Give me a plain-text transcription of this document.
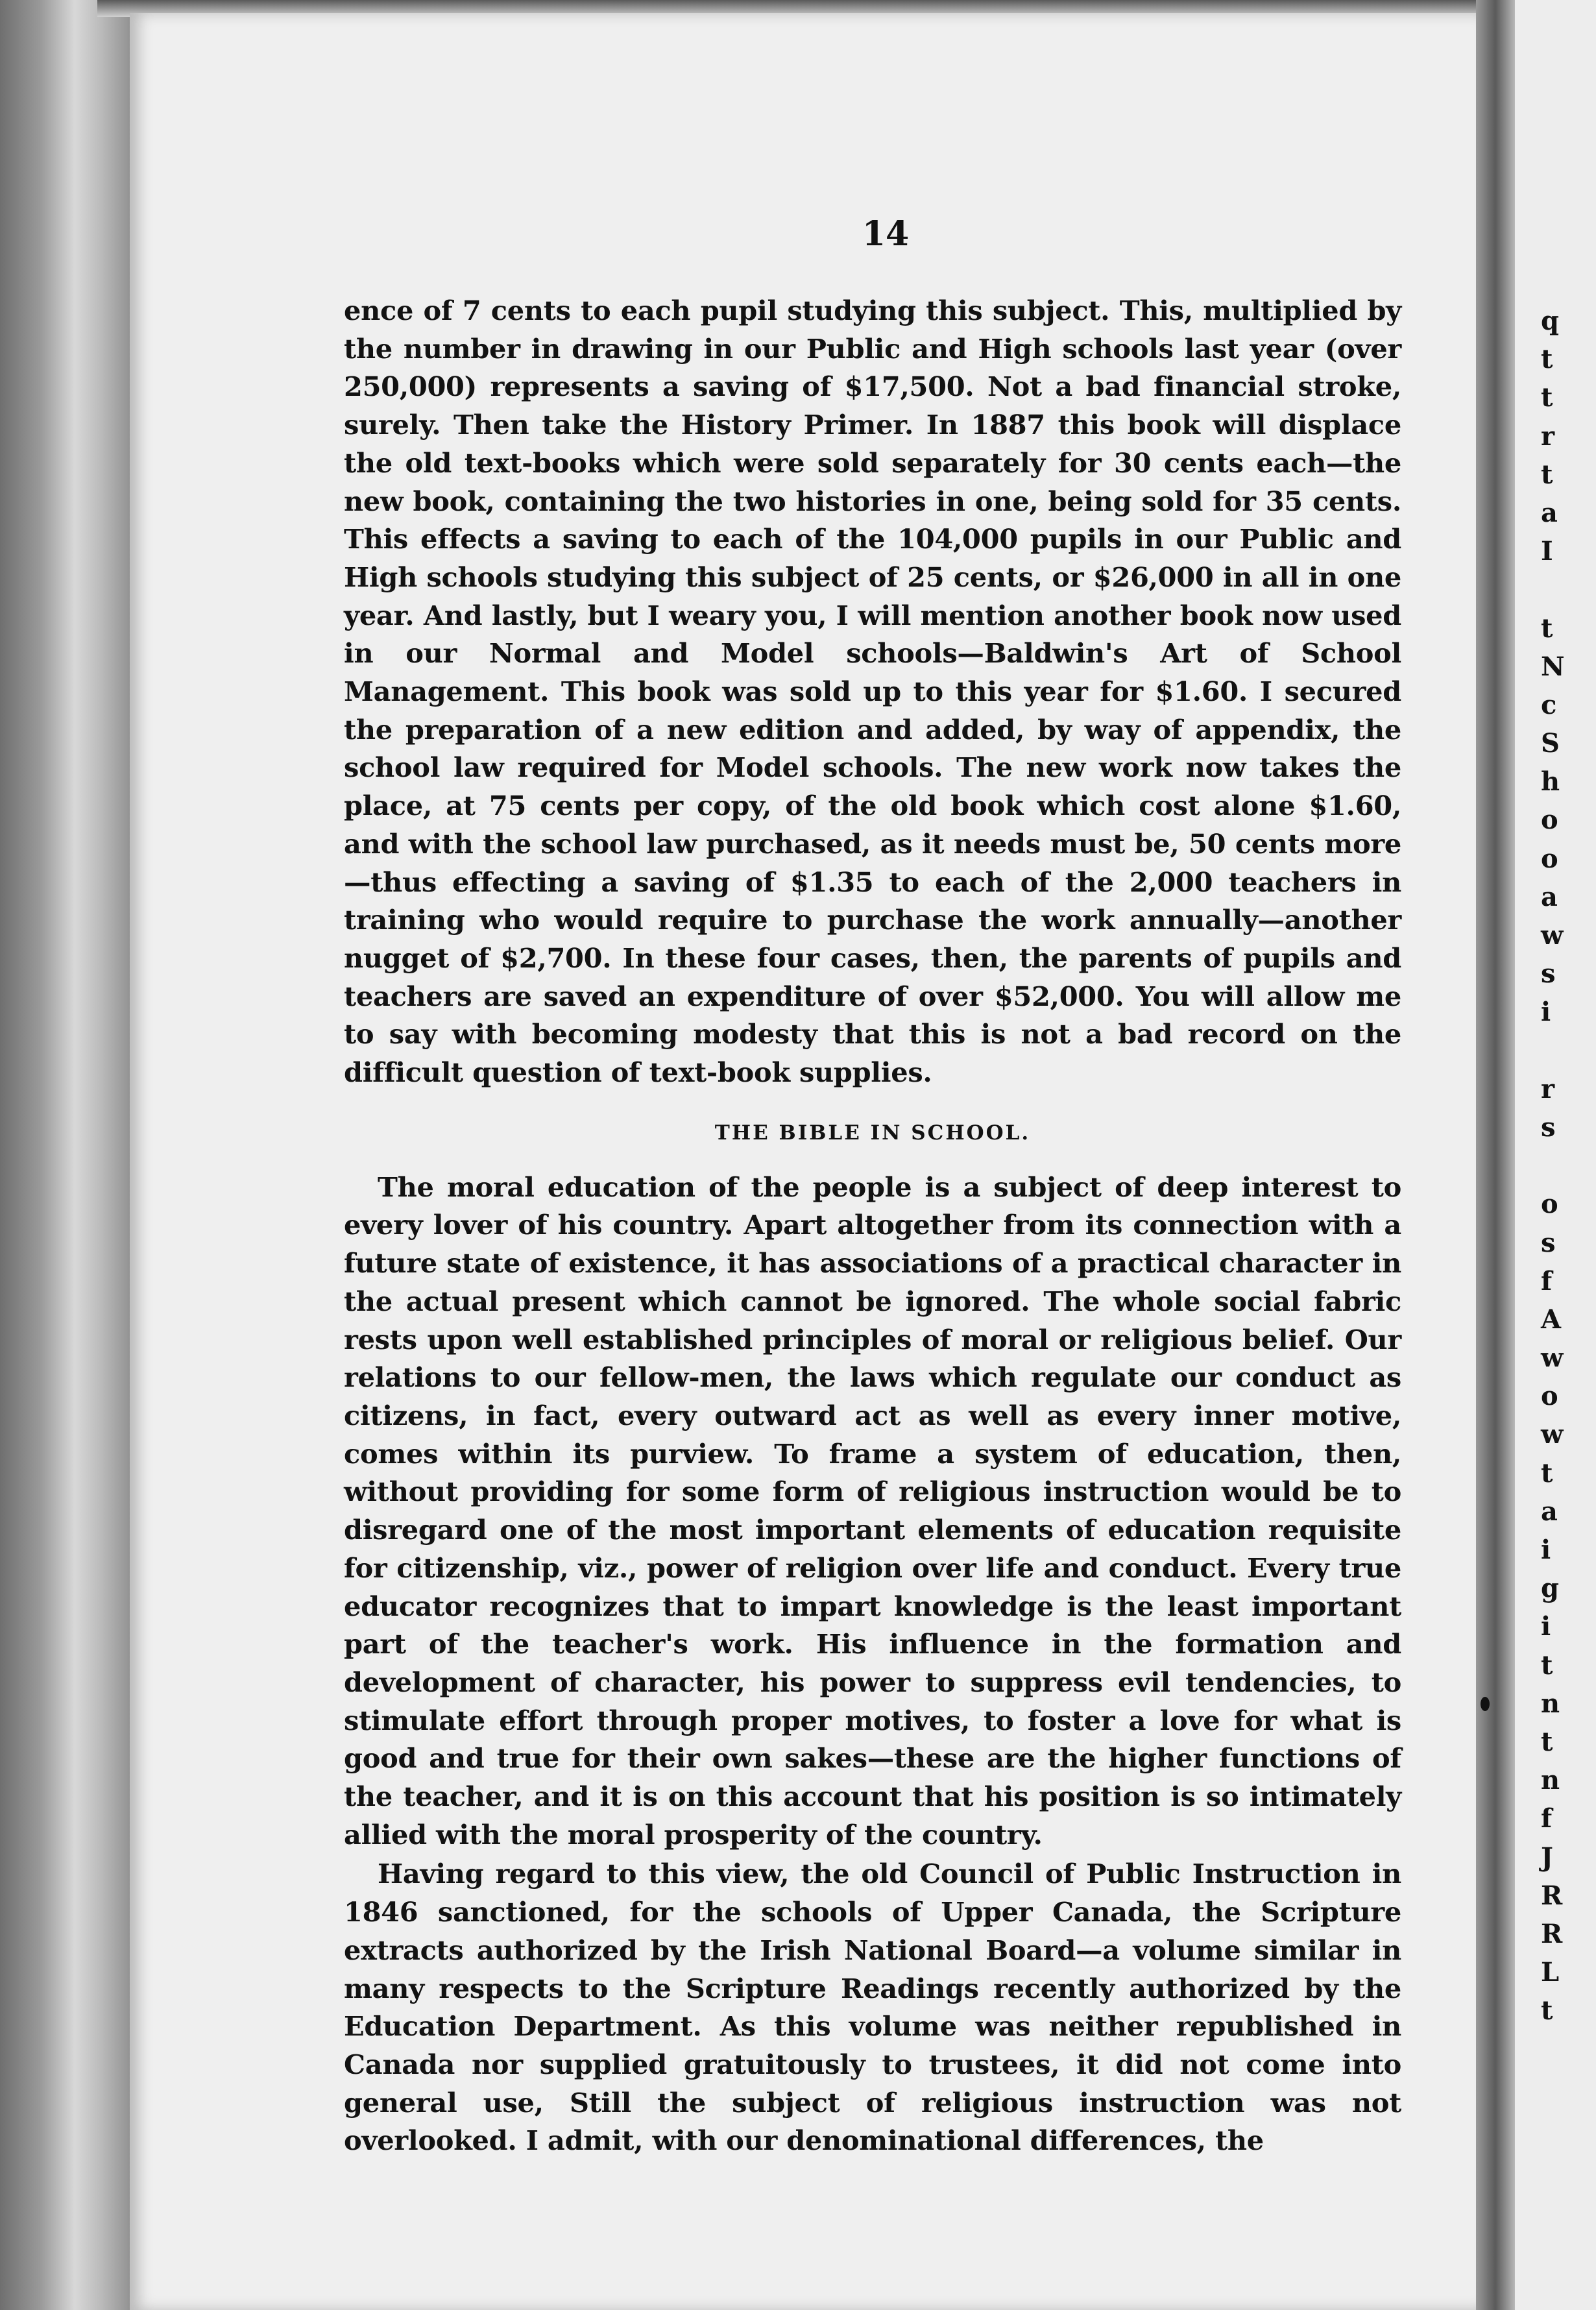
14

ence of 7 cents to each pupil studying this subject. This, multiplied by the number in drawing in our Public and High schools last year (over 250,000) represents a saving of $17,500. Not a bad financial stroke, surely. Then take the History Primer. In 1887 this book will displace the old text-books which were sold separately for 30 cents each—the new book, containing the two histories in one, being sold for 35 cents. This effects a saving to each of the 104,000 pupils in our Public and High schools studying this subject of 25 cents, or $26,000 in all in one year. And lastly, but I weary you, I will mention another book now used in our Normal and Model schools—Baldwin's Art of School Management. This book was sold up to this year for $1.60. I secured the preparation of a new edition and added, by way of appendix, the school law required for Model schools. The new work now takes the place, at 75 cents per copy, of the old book which cost alone $1.60, and with the school law purchased, as it needs must be, 50 cents more—thus effecting a saving of $1.35 to each of the 2,000 teachers in training who would require to purchase the work annually—another nugget of $2,700. In these four cases, then, the parents of pupils and teachers are saved an expenditure of over $52,000. You will allow me to say with becoming modesty that this is not a bad record on the difficult question of text-book supplies.

THE BIBLE IN SCHOOL.

The moral education of the people is a subject of deep interest to every lover of his country. Apart altogether from its connection with a future state of existence, it has associations of a practical character in the actual present which cannot be ignored. The whole social fabric rests upon well established principles of moral or religious belief. Our relations to our fellow-men, the laws which regulate our conduct as citizens, in fact, every outward act as well as every inner motive, comes within its purview. To frame a system of education, then, without providing for some form of religious instruction would be to disregard one of the most important elements of education requisite for citizenship, viz., power of religion over life and conduct. Every true educator recognizes that to impart knowledge is the least important part of the teacher's work. His influence in the formation and development of character, his power to suppress evil tendencies, to stimulate effort through proper motives, to foster a love for what is good and true for their own sakes—these are the higher functions of the teacher, and it is on this account that his position is so intimately allied with the moral prosperity of the country.

Having regard to this view, the old Council of Public Instruction in 1846 sanctioned, for the schools of Upper Canada, the Scripture extracts authorized by the Irish National Board—a volume similar in many respects to the Scripture Readings recently authorized by the Education Department. As this volume was neither republished in Canada nor supplied gratuitously to trustees, it did not come into general use, Still the subject of religious instruction was not overlooked. I admit, with our denominational differences, the

q
t
t
r
t
a
I
t
N
c
S
h
o
o
a
w
s
i
r
s
o
s
f
A
w
o
w
t
a
i
g
i
t
n
t
n
f
J
R
R
L
t
